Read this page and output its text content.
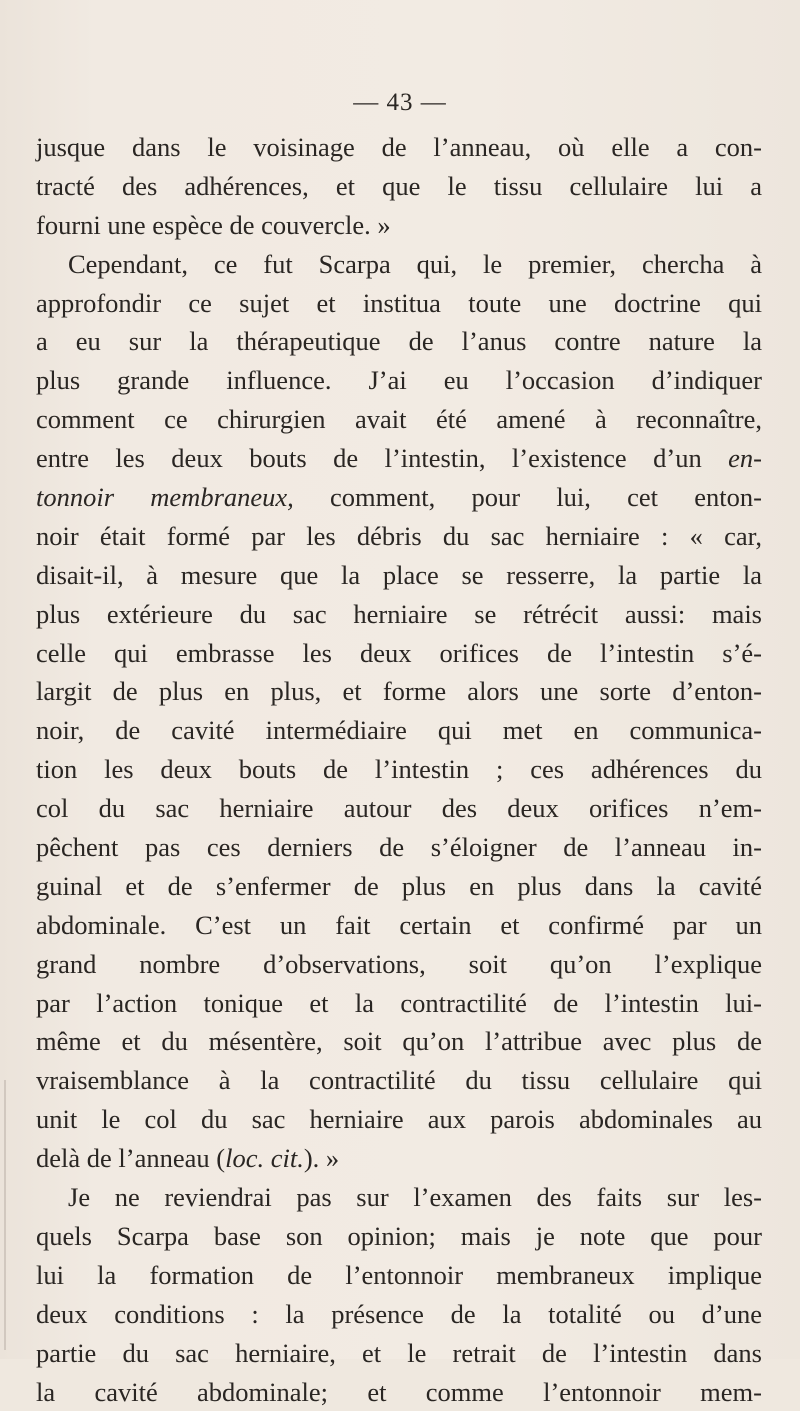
— 43 —
jusque dans le voisinage de l’anneau, où elle a con-
tracté des adhérences, et que le tissu cellulaire lui a
fourni une espèce de couvercle. »
Cependant, ce fut Scarpa qui, le premier, chercha à
approfondir ce sujet et institua toute une doctrine qui
a eu sur la thérapeutique de l’anus contre nature la
plus grande influence. J’ai eu l’occasion d’indiquer
comment ce chirurgien avait été amené à reconnaître,
entre les deux bouts de l’intestin, l’existence d’un en-
tonnoir membraneux, comment, pour lui, cet enton-
noir était formé par les débris du sac herniaire : « car,
disait-il, à mesure que la place se resserre, la partie la
plus extérieure du sac herniaire se rétrécit aussi: mais
celle qui embrasse les deux orifices de l’intestin s’é-
largit de plus en plus, et forme alors une sorte d’enton-
noir, de cavité intermédiaire qui met en communica-
tion les deux bouts de l’intestin ; ces adhérences du
col du sac herniaire autour des deux orifices n’em-
pêchent pas ces derniers de s’éloigner de l’anneau in-
guinal et de s’enfermer de plus en plus dans la cavité
abdominale. C’est un fait certain et confirmé par un
grand nombre d’observations, soit qu’on l’explique
par l’action tonique et la contractilité de l’intestin lui-
même et du mésentère, soit qu’on l’attribue avec plus de
vraisemblance à la contractilité du tissu cellulaire qui
unit le col du sac herniaire aux parois abdominales au
delà de l’anneau (loc. cit.). »
Je ne reviendrai pas sur l’examen des faits sur les-
quels Scarpa base son opinion; mais je note que pour
lui la formation de l’entonnoir membraneux implique
deux conditions : la présence de la totalité ou d’une
partie du sac herniaire, et le retrait de l’intestin dans
la cavité abdominale; et comme l’entonnoir mem-
